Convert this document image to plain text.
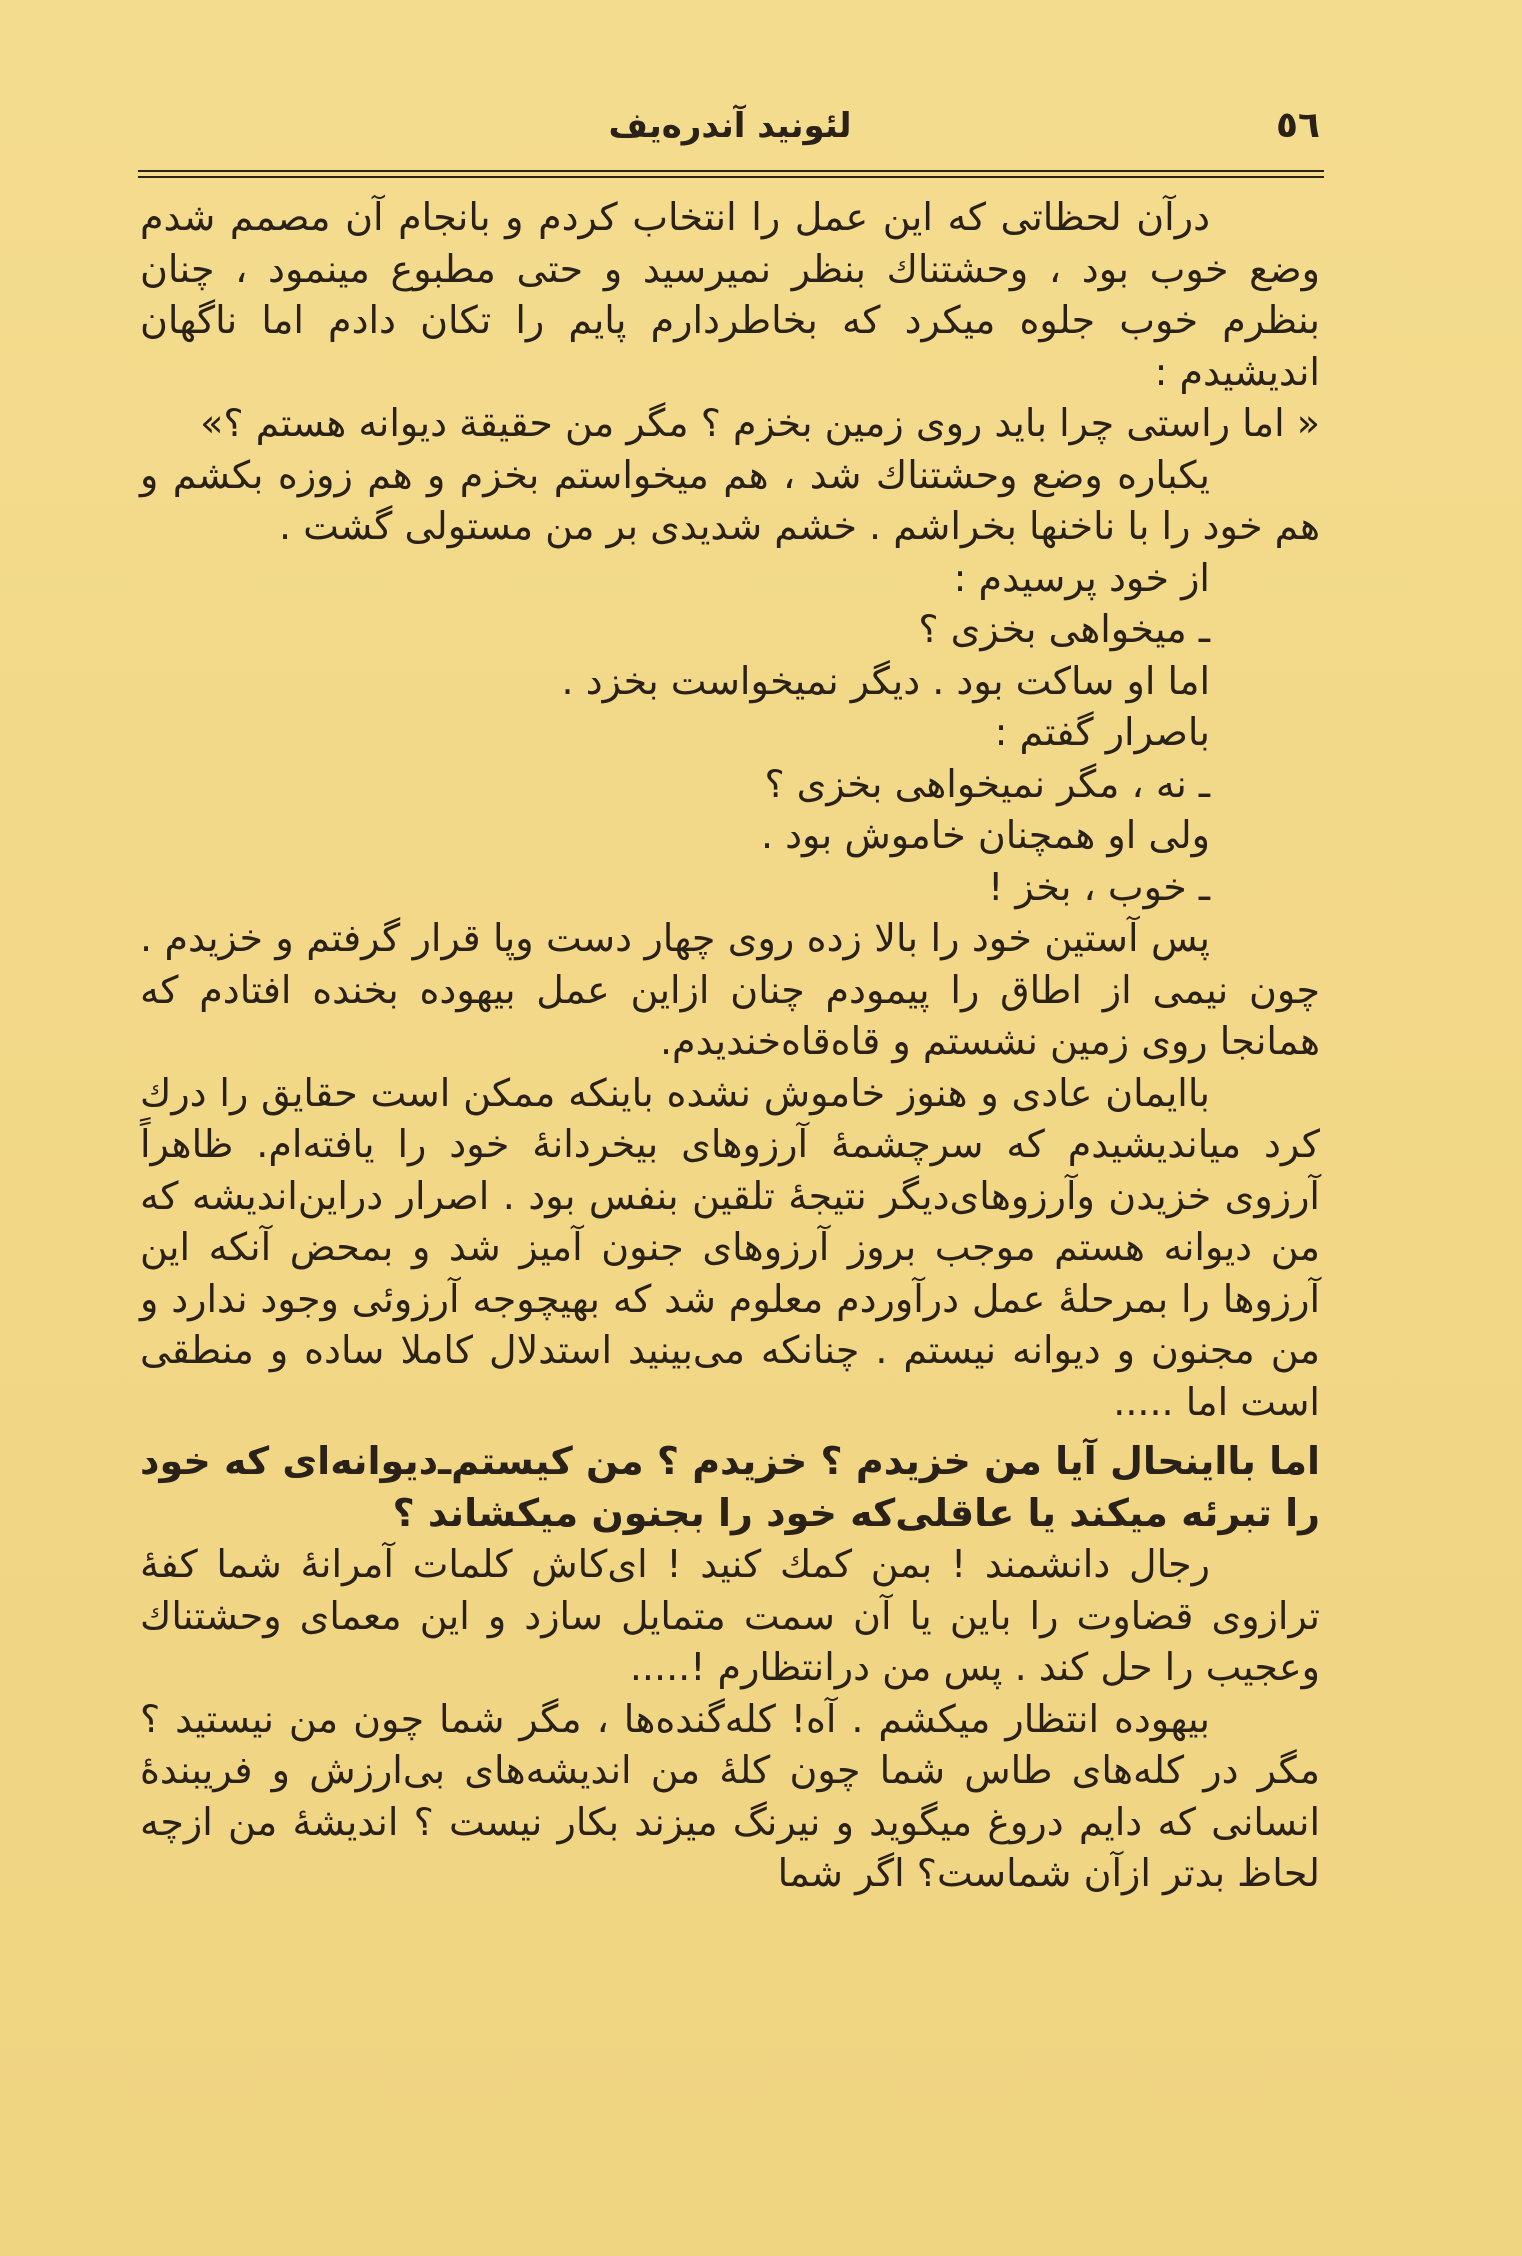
٥٦
لئونید آندره‌یف

درآن لحظاتی که این عمل را انتخاب کردم و بانجام آن مصمم شدم وضع خوب بود ، وحشتناك بنظر نمیرسید و حتی مطبوع مینمود ، چنان بنظرم خوب جلوه میکرد که بخاطردارم پایم را تکان دادم اما ناگهان اندیشیدم :

« اما راستی چرا باید روی زمین بخزم ؟ مگر من حقیقة دیوانه هستم ؟»

یکباره وضع وحشتناك شد ، هم میخواستم بخزم و هم زوزه بکشم و هم خود را با ناخنها بخراشم . خشم شدیدی بر من مستولی گشت .

از خود پرسیدم :

ـ میخواهی بخزی ؟

اما او ساکت بود . دیگر نمیخواست بخزد .

باصرار گفتم :

ـ نه ، مگر نمیخواهی بخزی ؟

ولی او همچنان خاموش بود .

ـ خوب ، بخز !

پس آستین خود را بالا زده روی چهار دست وپا قرار گرفتم و خزیدم . چون نیمی از اطاق را پیمودم چنان ازاین عمل بیهوده بخنده افتادم که همانجا روی زمین نشستم و قاه‌قاه‌خندیدم.

باایمان عادی و هنوز خاموش نشده باینکه ممکن است حقایق را درك کرد میاندیشیدم که سرچشمهٔ آرزوهای بیخردانهٔ خود را یافته‌ام. ظاهراً آرزوی خزیدن وآرزوهای‌دیگر نتیجهٔ تلقین بنفس بود . اصرار دراین‌اندیشه که من دیوانه هستم موجب بروز آرزوهای جنون آمیز شد و بمحض آنکه این آرزوها را بمرحلهٔ عمل درآوردم معلوم شد که بهیچوجه آرزوئی وجود ندارد و من مجنون و دیوانه نیستم . چنانکه می‌بینید استدلال کاملا ساده و منطقی است اما .....

اما بااینحال آیا من خزیدم ؟ خزیدم ؟ من کیستم‌ـ‌دیوانه‌ای که خود را تبرئه میکند یا عاقلی‌که خود را بجنون میکشاند ؟

رجال دانشمند ! بمن کمك کنید ! ای‌کاش کلمات آمرانهٔ شما کفهٔ ترازوی قضاوت را باین یا آن سمت متمایل سازد و این معمای وحشتناك وعجیب را حل کند . پس من درانتظارم !.....

بیهوده انتظار میکشم . آه! کله‌گنده‌ها ، مگر شما چون من نیستید ؟ مگر در کله‌های طاس شما چون کلهٔ من اندیشه‌های بی‌ارزش و فریبندهٔ انسانی که دایم دروغ میگوید و نیرنگ میزند بکار نیست ؟ اندیشهٔ من ازچه لحاظ بدتر ازآن شماست؟ اگر شما
